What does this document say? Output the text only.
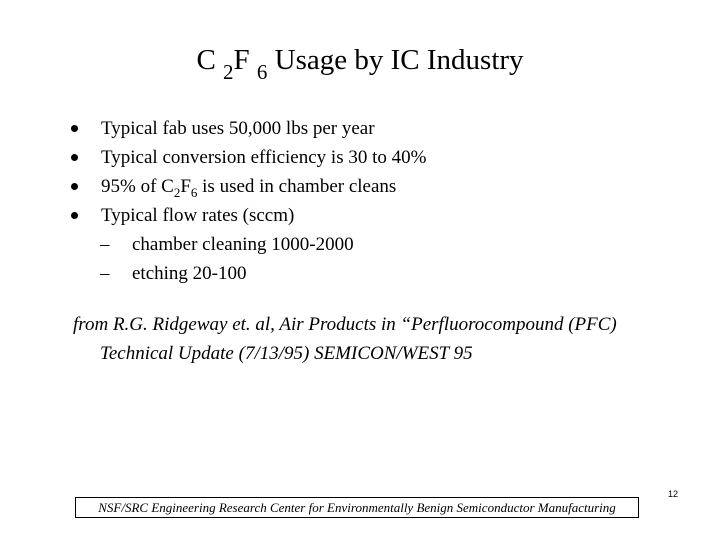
C $_2$F $_6$ Usage by IC Industry
Typical fab uses 50,000 lbs per year
Typical conversion efficiency is 30 to 40%
95% of $C_2F_6$ is used in chamber cleans
Typical flow rates (sccm)
– chamber cleaning 1000-2000
– etching 20-100
from R.G. Ridgeway et. al, Air Products in “Perfluorocompound (PFC)
Technical Update (7/13/95) SEMICON/WEST 95
NSF/SRC Engineering Research Center for Environmentally Benign Semiconductor Manufacturing
12
